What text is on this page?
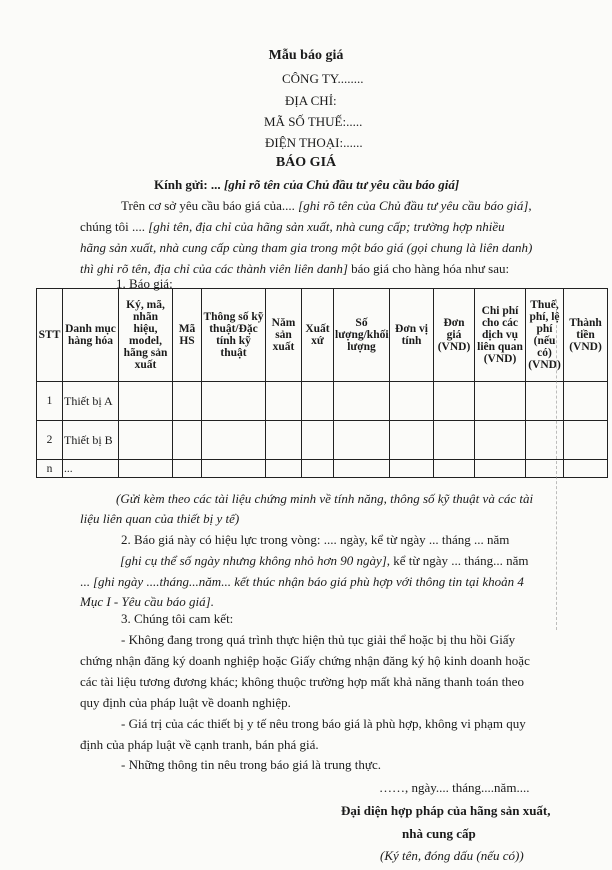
Mẫu báo giá
CÔNG TY........
ĐỊA CHỈ:
MÃ SỐ THUẾ:.....
ĐIỆN THOẠI:......
BÁO GIÁ
Kính gửi: ... [ghi rõ tên của Chủ đầu tư yêu cầu báo giá]
Trên cơ sở yêu cầu báo giá của.... [ghi rõ tên của Chủ đầu tư yêu cầu báo giá],
chúng tôi .... [ghi tên, địa chỉ của hãng sản xuất, nhà cung cấp; trường hợp nhiều
hãng sản xuất, nhà cung cấp cùng tham gia trong một báo giá (gọi chung là liên danh)
thì ghi rõ tên, địa chỉ của các thành viên liên danh] báo giá cho hàng hóa như sau:
1. Báo giá:
STT	Danh mục hàng hóa	Ký, mã, nhãn hiệu, model, hãng sản xuất	Mã HS	Thông số kỹ thuật/Đặc tính kỹ thuật	Năm sản xuất	Xuất xứ	Số lượng/khối lượng	Đơn vị tính	Đơn giá (VND)	Chi phí cho các dịch vụ liên quan (VND)	Thuế, phí, lệ phí (nếu có) (VND)	Thành tiền (VND)
1	Thiết bị A											
2	Thiết bị B											
n	...											
(Gửi kèm theo các tài liệu chứng minh về tính năng, thông số kỹ thuật và các tài
liệu liên quan của thiết bị y tế)
2. Báo giá này có hiệu lực trong vòng: .... ngày, kể từ ngày ... tháng ... năm
[ghi cụ thể số ngày nhưng không nhỏ hơn 90 ngày], kể từ ngày ... tháng... năm
... [ghi ngày ....tháng...năm... kết thúc nhận báo giá phù hợp với thông tin tại khoản 4
Mục I - Yêu cầu báo giá].
3. Chúng tôi cam kết:
- Không đang trong quá trình thực hiện thủ tục giải thể hoặc bị thu hồi Giấy
chứng nhận đăng ký doanh nghiệp hoặc Giấy chứng nhận đăng ký hộ kinh doanh hoặc
các tài liệu tương đương khác; không thuộc trường hợp mất khả năng thanh toán theo
quy định của pháp luật về doanh nghiệp.
- Giá trị của các thiết bị y tế nêu trong báo giá là phù hợp, không vi phạm quy
định của pháp luật về cạnh tranh, bán phá giá.
- Những thông tin nêu trong báo giá là trung thực.
……, ngày.... tháng....năm....
Đại diện hợp pháp của hãng sản xuất,
nhà cung cấp
(Ký tên, đóng dấu (nếu có))
